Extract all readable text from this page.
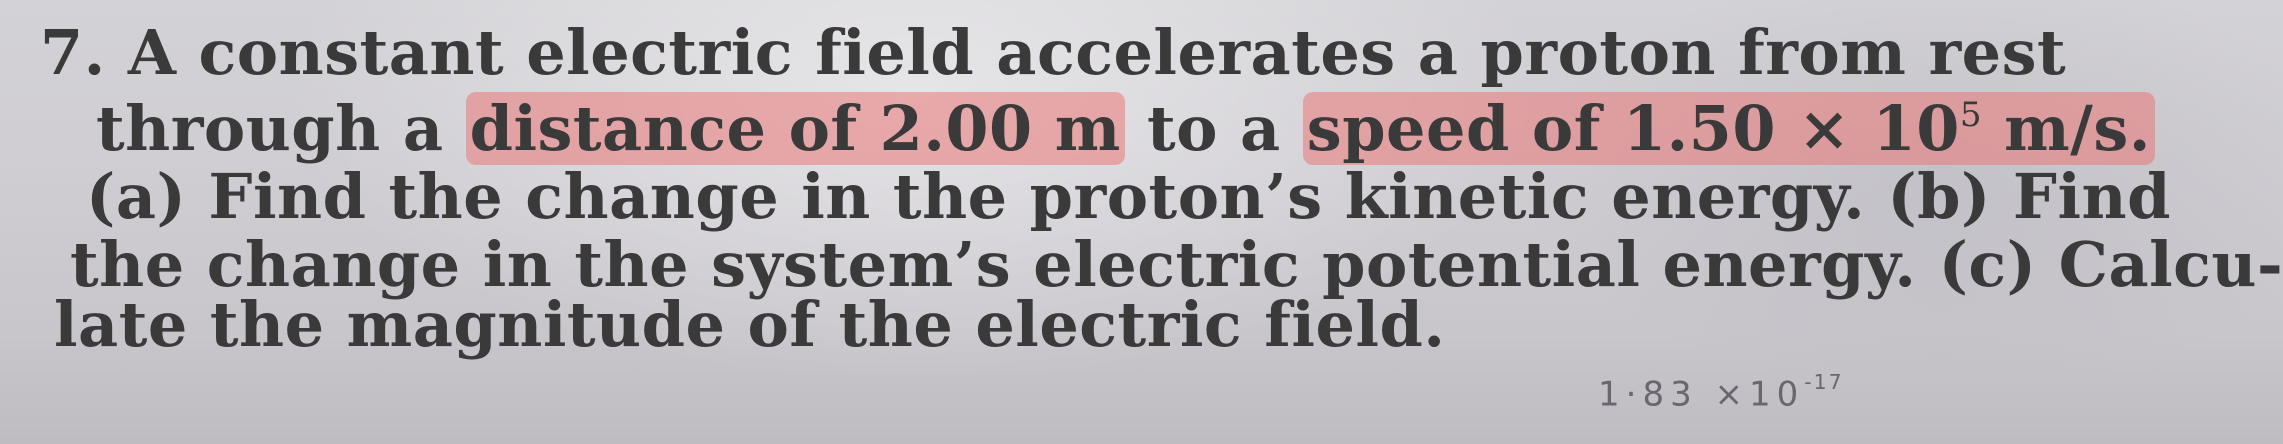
7. A constant electric field accelerates a proton from rest
through a distance of 2.00 m to a speed of $1.50 \times 10^5$ m/s.
(a) Find the change in the proton’s kinetic energy. (b) Find
the change in the system’s electric potential energy. (c) Calcu-
late the magnitude of the electric field.
$1\cdot 83 \times 10^{-17}$
